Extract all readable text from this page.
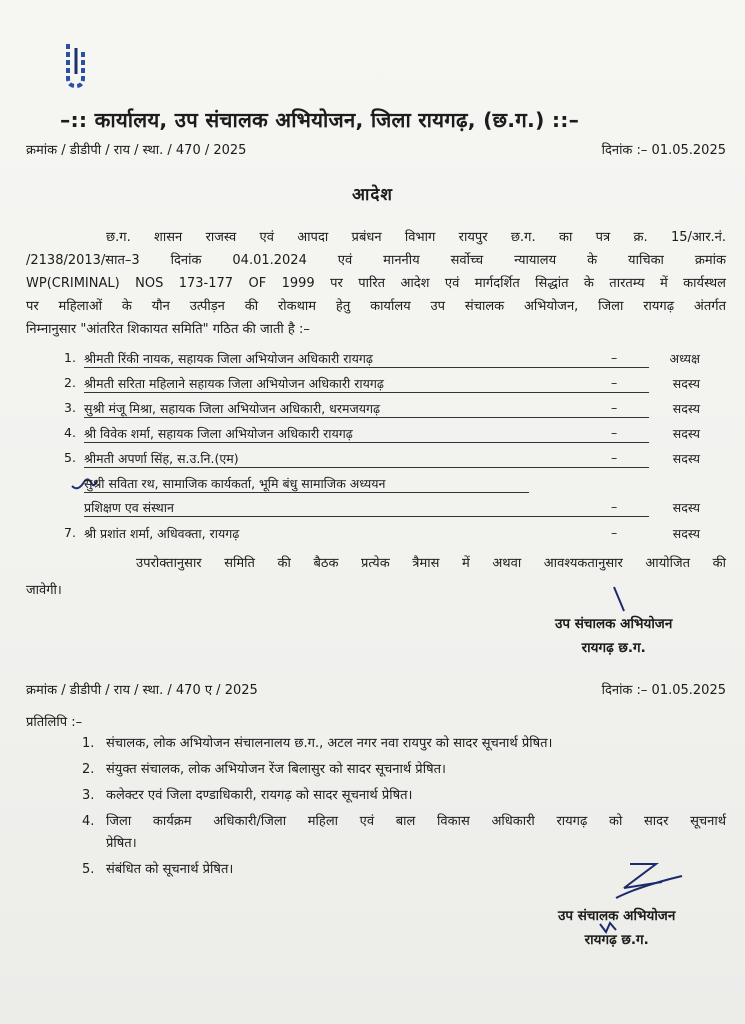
–:: कार्यालय, उप संचालक अभियोजन, जिला रायगढ़, (छ.ग.) ::–
क्रमांक / डीडीपी / राय / स्था. / 470 / 2025	दिनांक :– 01.05.2025
आदेश
छ.ग. शासन राजस्व एवं आपदा प्रबंधन विभाग रायपुर छ.ग. का पत्र क्र. 15/आर.नं.
/2138/2013/सात–3 दिनांक 04.01.2024 एवं माननीय सर्वोच्च न्यायालय के याचिका क्रमांक
WP(CRIMINAL) NOS 173-177 OF 1999 पर पारित आदेश एवं मार्गदर्शित सिद्धांत के तारतम्य में कार्यस्थल
पर महिलाओं के यौन उत्पीड़न की रोकथाम हेतु कार्यालय उप संचालक अभियोजन, जिला रायगढ़ अंतर्गत
निम्नानुसार "आंतरित शिकायत समिति" गठित की जाती है :–
1. श्रीमती रिंकी नायक, सहायक जिला अभियोजन अधिकारी रायगढ़	–	अध्यक्ष
2. श्रीमती सरिता महिलाने सहायक जिला अभियोजन अधिकारी रायगढ़	–	सदस्य
3. सुश्री मंजू मिश्रा, सहायक जिला अभियोजन अधिकारी, धरमजयगढ़	–	सदस्य
4. श्री विवेक शर्मा, सहायक जिला अभियोजन अधिकारी रायगढ़	–	सदस्य
5. श्रीमती अपर्णा सिंह, स.उ.नि.(एम)	–	सदस्य
सुश्री सविता रथ, सामाजिक कार्यकर्ता, भूमि बंधु सामाजिक अध्ययन
प्रशिक्षण एव संस्थान	–	सदस्य
7. श्री प्रशांत शर्मा, अधिवक्ता, रायगढ़	–	सदस्य
उपरोक्तानुसार समिति की बैठक प्रत्येक त्रैमास में अथवा आवश्यकतानुसार आयोजित की
जावेगी।
उप संचालक अभियोजन
रायगढ़ छ.ग.
क्रमांक / डीडीपी / राय / स्था. / 470 ए / 2025	दिनांक :– 01.05.2025
प्रतिलिपि :–
1. संचालक, लोक अभियोजन संचालनालय छ.ग., अटल नगर नवा रायपुर को सादर सूचनार्थ प्रेषित।
2. संयुक्त संचालक, लोक अभियोजन रेंज बिलासुर को सादर सूचनार्थ प्रेषित।
3. कलेक्टर एवं जिला दण्डाधिकारी, रायगढ़ को सादर सूचनार्थ प्रेषित।
4. जिला कार्यक्रम अधिकारी/जिला महिला एवं बाल विकास अधिकारी रायगढ़ को सादर सूचनार्थ
प्रेषित।
5. संबंधित को सूचनार्थ प्रेषित।
उप संचालक अभियोजन
रायगढ़ छ.ग.
